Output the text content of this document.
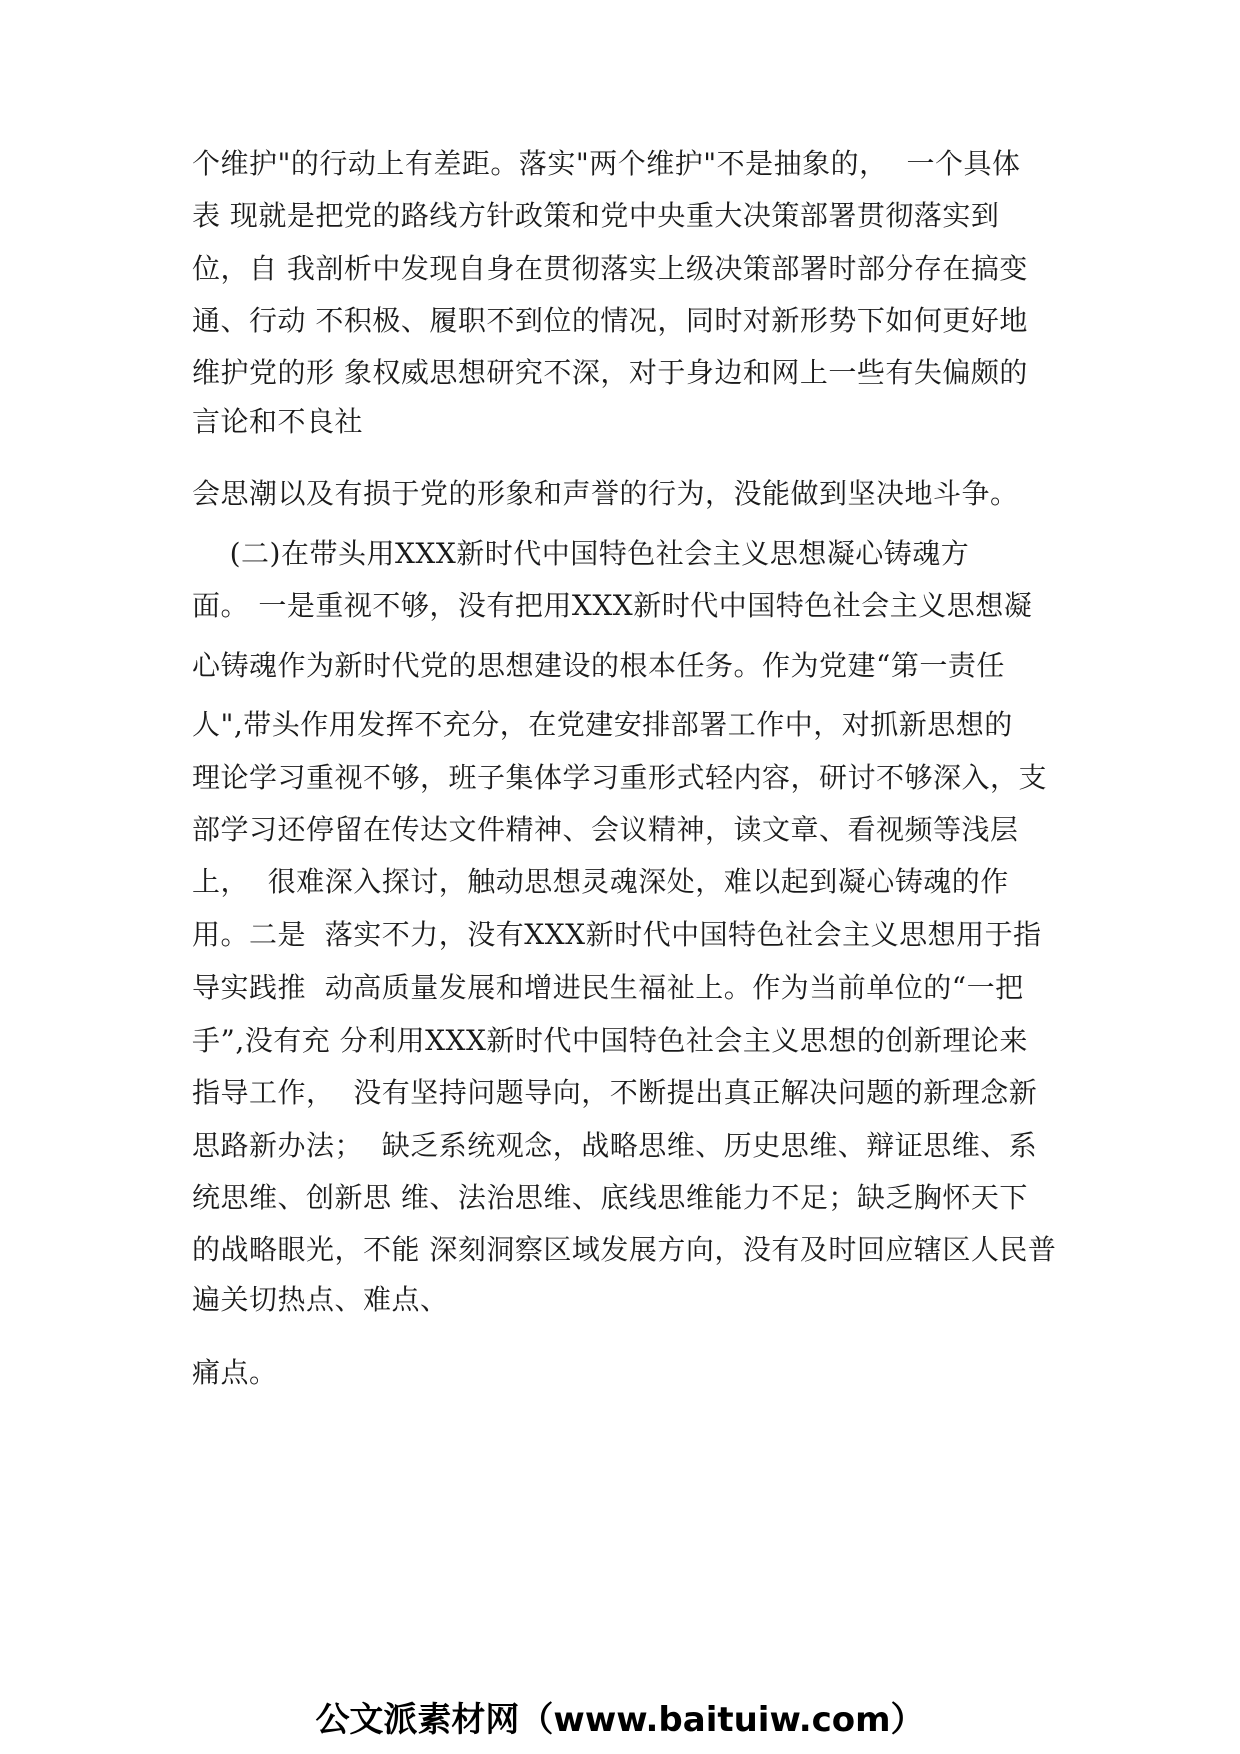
个维护"的行动上有差距。落实"两个维护"不是抽象的，  一个具体
表 现就是把党的路线方针政策和党中央重大决策部署贯彻落实到
位，自 我剖析中发现自身在贯彻落实上级决策部署时部分存在搞变
通、行动 不积极、履职不到位的情况，同时对新形势下如何更好地
维护党的形 象权威思想研究不深，对于身边和网上一些有失偏颇的
言论和不良社
会思潮以及有损于党的形象和声誉的行为，没能做到坚决地斗争。
(二)在带头用XXX新时代中国特色社会主义思想凝心铸魂方
面。 一是重视不够，没有把用XXX新时代中国特色社会主义思想凝
心铸魂作为新时代党的思想建设的根本任务。作为党建“第一责任
人",带头作用发挥不充分，在党建安排部署工作中，对抓新思想的
理论学习重视不够，班子集体学习重形式轻内容，研讨不够深入，支
部学习还停留在传达文件精神、会议精神，读文章、看视频等浅层
上，  很难深入探讨，触动思想灵魂深处，难以起到凝心铸魂的作
用。二是  落实不力，没有XXX新时代中国特色社会主义思想用于指
导实践推  动高质量发展和增进民生福祉上。作为当前单位的“一把
手”,没有充 分利用XXX新时代中国特色社会主义思想的创新理论来
指导工作，  没有坚持问题导向，不断提出真正解决问题的新理念新
思路新办法；  缺乏系统观念，战略思维、历史思维、辩证思维、系
统思维、创新思 维、法治思维、底线思维能力不足；缺乏胸怀天下
的战略眼光，不能 深刻洞察区域发展方向，没有及时回应辖区人民普
遍关切热点、难点、
痛点。
公文派素材网（www.baituiw.com）
